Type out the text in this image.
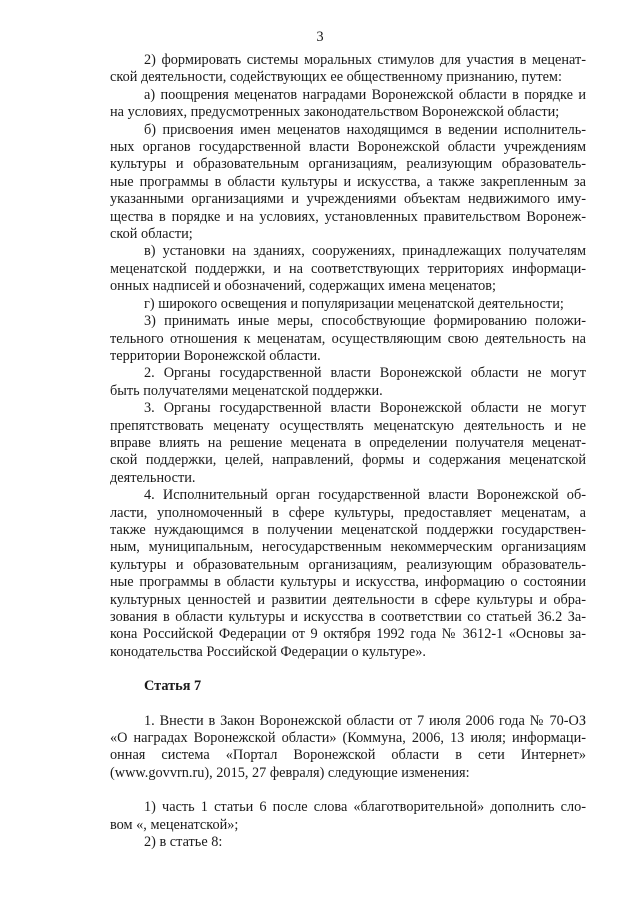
3
2) формировать системы моральных стимулов для участия в меценат-
ской деятельности, содействующих ее общественному признанию, путем:
а) поощрения меценатов наградами Воронежской области в порядке и
на условиях, предусмотренных законодательством Воронежской области;
б) присвоения имен меценатов находящимся в ведении исполнитель-
ных органов государственной власти Воронежской области учреждениям
культуры и образовательным организациям, реализующим образователь-
ные программы в области культуры и искусства, а также закрепленным за
указанными организациями и учреждениями объектам недвижимого иму-
щества в порядке и на условиях, установленных правительством Воронеж-
ской области;
в) установки на зданиях, сооружениях, принадлежащих получателям
меценатской поддержки, и на соответствующих территориях информаци-
онных надписей и обозначений, содержащих имена меценатов;
г) широкого освещения и популяризации меценатской деятельности;
3) принимать иные меры, способствующие формированию положи-
тельного отношения к меценатам, осуществляющим свою деятельность на
территории Воронежской области.
2. Органы государственной власти Воронежской области не могут
быть получателями меценатской поддержки.
3. Органы государственной власти Воронежской области не могут
препятствовать меценату осуществлять меценатскую деятельность и не
вправе влиять на решение мецената в определении получателя меценат-
ской поддержки, целей, направлений, формы и содержания меценатской
деятельности.
4. Исполнительный орган государственной власти Воронежской об-
ласти, уполномоченный в сфере культуры, предоставляет меценатам, а
также нуждающимся в получении меценатской поддержки государствен-
ным, муниципальным, негосударственным некоммерческим организациям
культуры и образовательным организациям, реализующим образователь-
ные программы в области культуры и искусства, информацию о состоянии
культурных ценностей и развитии деятельности в сфере культуры и обра-
зования в области культуры и искусства в соответствии со статьей 36.2 За-
кона Российской Федерации от 9 октября 1992 года № 3612-1 «Основы за-
конодательства Российской Федерации о культуре».
Статья 7
1. Внести в Закон Воронежской области от 7 июля 2006 года № 70-ОЗ
«О наградах Воронежской области» (Коммуна, 2006, 13 июля; информаци-
онная система «Портал Воронежской области в сети Интернет»
(www.govvrn.ru), 2015, 27 февраля) следующие изменения:
1) часть 1 статьи 6 после слова «благотворительной» дополнить сло-
вом «, меценатской»;
2) в статье 8:
